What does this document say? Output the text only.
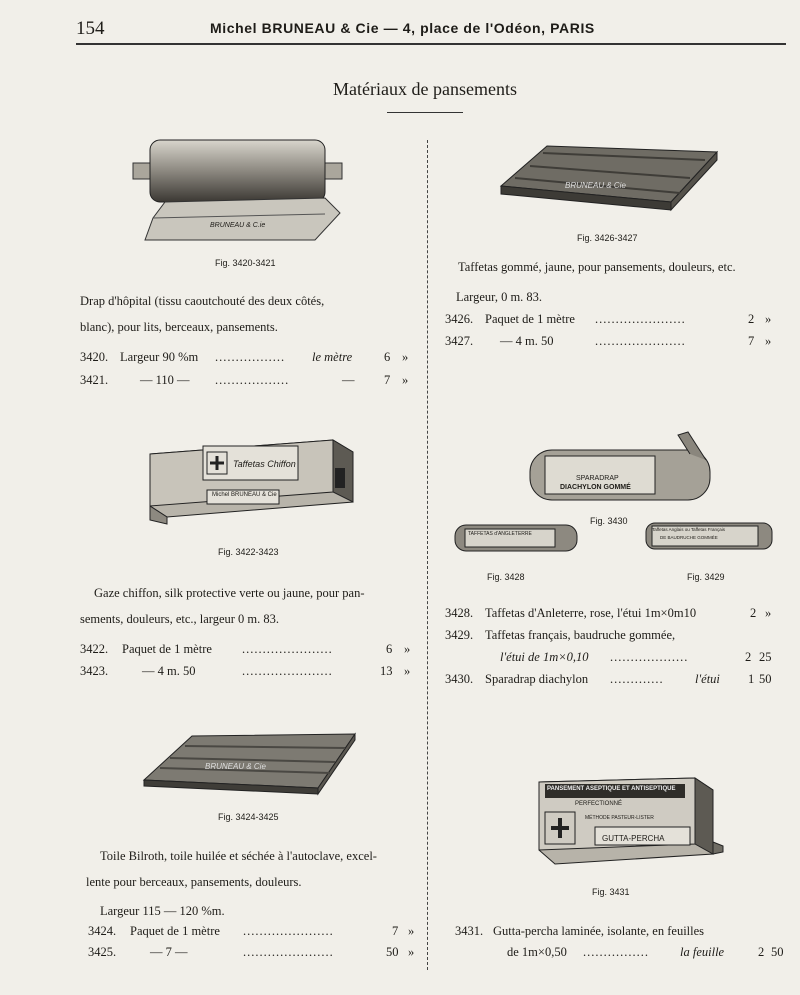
154	Michel BRUNEAU & Cie — 4, place de l'Odéon, PARIS
Matériaux de pansements
BRUNEAU & C.ie
Fig. 3420-3421
Drap d'hôpital (tissu caoutchouté des deux côtés,
blanc), pour lits, berceaux, pansements.
3420. Largeur 90 %m ................. le mètre	6 »
3421.	— 110 — ..................	— 7 »
Taffetas Chiffon
Michel BRUNEAU & Cie
Fig. 3422-3423
Gaze chiffon, silk protective verte ou jaune, pour pan-
sements, douleurs, etc., largeur 0 m. 83.
3422. Paquet de 1 mètre ......................	6 »
3423.	— 4 m. 50	......................	13 »
BRUNEAU & Cie
Fig. 3424-3425
Toile Bilroth, toile huilée et séchée à l'autoclave, excel-
lente pour berceaux, pansements, douleurs.
Largeur 115 — 120 %m.
3424. Paquet de 1 mètre ......................	7 »
3425.	— 7 —	......................	50 »
BRUNEAU & Cie
Fig. 3426-3427
Taffetas gommé, jaune, pour pansements, douleurs, etc.
Largeur, 0 m. 83.
3426. Paquet de 1 mètre ......................	2 »
3427. — 4 m. 50	......................	7 »
SPARADRAP
DIACHYLON GOMMÉ
TAFFETAS d'ANGLETERRE
Taffetas Anglais ou Taffetas Français
DE BAUDRUCHE GOMMÉE
Fig. 3430
Fig. 3428	Fig. 3429
3428. Taffetas d'Anleterre, rose, l'étui 1m×0m10	2 »
3429. Taffetas français, baudruche gommée,
l'étui de 1m×0,10 ...................	2 25
3430. Sparadrap diachylon .............	l'étui 1 50
PANSEMENT ASEPTIQUE ET ANTISEPTIQUE
PERFECTIONNÉ
MÉTHODE PASTEUR-LISTER
GUTTA-PERCHA
Fig. 3431
3431. Gutta-percha laminée, isolante, en feuilles
de 1m×0,50 ................ la feuille	2 50
